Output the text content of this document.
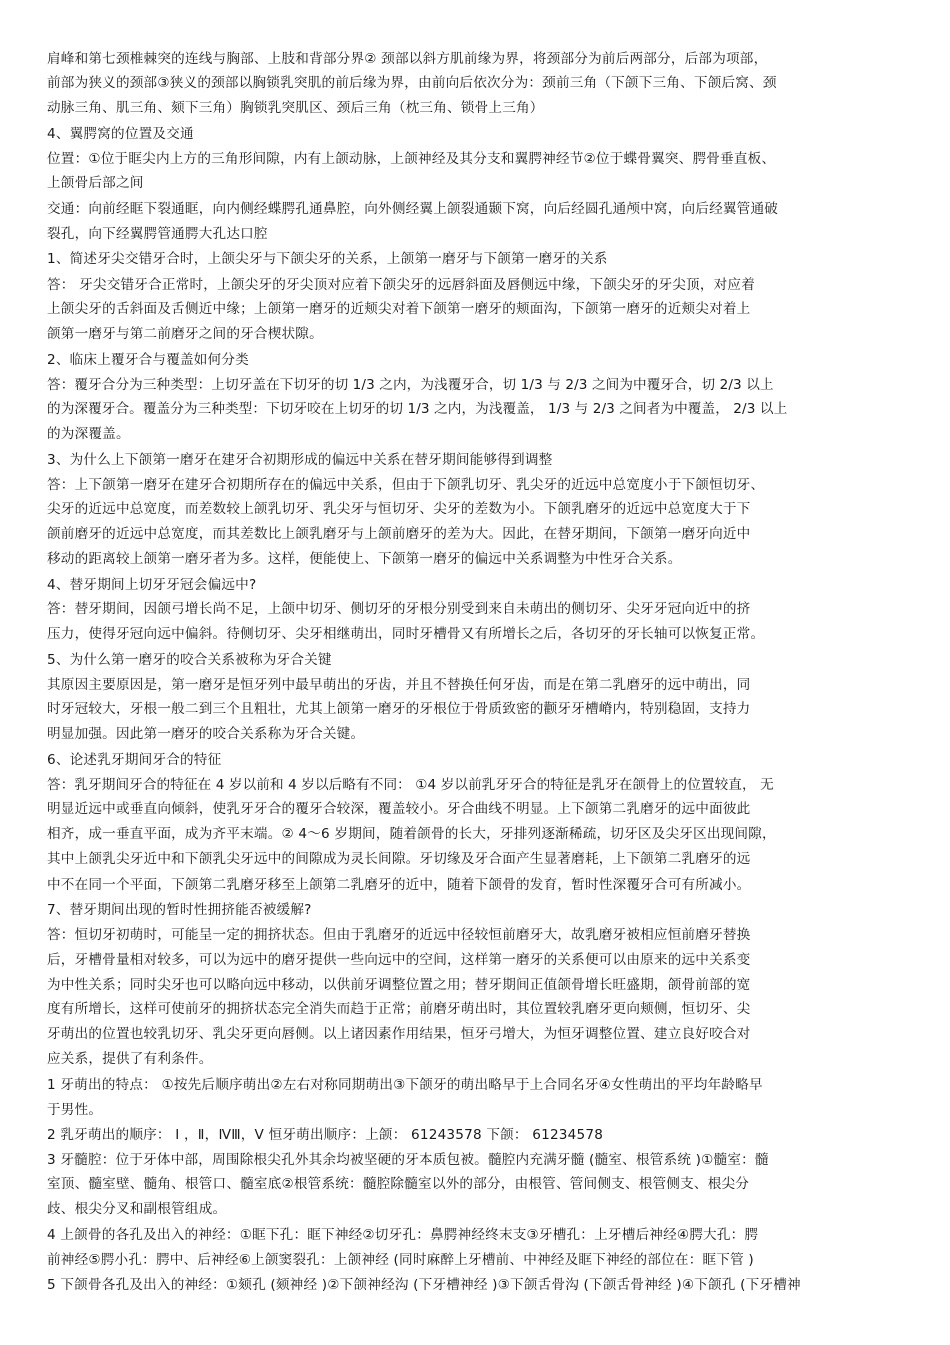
肩峰和第七颈椎棘突的连线与胸部、上肢和背部分界② 颈部以斜方肌前缘为界，将颈部分为前后两部分，后部为项部，
前部为狭义的颈部③狭义的颈部以胸锁乳突肌的前后缘为界，由前向后依次分为：颈前三角（下颌下三角、下颌后窝、颈
动脉三角、肌三角、颏下三角）胸锁乳突肌区、颈后三角（枕三角、锁骨上三角）
4、翼腭窝的位置及交通
位置：①位于眶尖内上方的三角形间隙，内有上颌动脉，上颌神经及其分支和翼腭神经节②位于蝶骨翼突、腭骨垂直板、
上颌骨后部之间
交通：向前经眶下裂通眶，向内侧经蝶腭孔通鼻腔，向外侧经翼上颌裂通颞下窝，向后经圆孔通颅中窝，向后经翼管通破
裂孔，向下经翼腭管通腭大孔达口腔
1、简述牙尖交错牙合时，上颌尖牙与下颌尖牙的关系，上颌第一磨牙与下颌第一磨牙的关系
答： 牙尖交错牙合正常时，上颌尖牙的牙尖顶对应着下颌尖牙的远唇斜面及唇侧远中缘，下颌尖牙的牙尖顶，对应着
上颌尖牙的舌斜面及舌侧近中缘；上颌第一磨牙的近颊尖对着下颌第一磨牙的颊面沟，下颌第一磨牙的近颊尖对着上
颌第一磨牙与第二前磨牙之间的牙合楔状隙。
2、临床上覆牙合与覆盖如何分类
答：覆牙合分为三种类型：上切牙盖在下切牙的切 1/3 之内，为浅覆牙合，切 1/3 与 2/3 之间为中覆牙合，切 2/3 以上
的为深覆牙合。覆盖分为三种类型：下切牙咬在上切牙的切 1/3 之内，为浅覆盖， 1/3 与 2/3 之间者为中覆盖， 2/3 以上
的为深覆盖。
3、为什么上下颌第一磨牙在建牙合初期形成的偏远中关系在替牙期间能够得到调整
答：上下颌第一磨牙在建牙合初期所存在的偏远中关系，但由于下颌乳切牙、乳尖牙的近远中总宽度小于下颌恒切牙、
尖牙的近远中总宽度，而差数较上颌乳切牙、乳尖牙与恒切牙、尖牙的差数为小。下颌乳磨牙的近远中总宽度大于下
颌前磨牙的近远中总宽度，而其差数比上颌乳磨牙与上颌前磨牙的差为大。因此，在替牙期间，下颌第一磨牙向近中
移动的距离较上颌第一磨牙者为多。这样，便能使上、下颌第一磨牙的偏远中关系调整为中性牙合关系。
4、替牙期间上切牙牙冠会偏远中?
答：替牙期间，因颌弓增长尚不足，上颌中切牙、侧切牙的牙根分别受到来自未萌出的侧切牙、尖牙牙冠向近中的挤
压力，使得牙冠向远中偏斜。待侧切牙、尖牙相继萌出，同时牙槽骨又有所增长之后，各切牙的牙长轴可以恢复正常。
5、为什么第一磨牙的咬合关系被称为牙合关键
其原因主要原因是，第一磨牙是恒牙列中最早萌出的牙齿，并且不替换任何牙齿，而是在第二乳磨牙的远中萌出，同
时牙冠较大，牙根一般二到三个且粗壮，尤其上颌第一磨牙的牙根位于骨质致密的颧牙牙槽嵴内，特别稳固，支持力
明显加强。因此第一磨牙的咬合关系称为牙合关键。
6、论述乳牙期间牙合的特征
答：乳牙期间牙合的特征在 4 岁以前和 4 岁以后略有不同： ①4 岁以前乳牙牙合的特征是乳牙在颌骨上的位置较直， 无
明显近远中或垂直向倾斜，使乳牙牙合的覆牙合较深，覆盖较小。牙合曲线不明显。上下颌第二乳磨牙的远中面彼此
相齐，成一垂直平面，成为齐平末端。② 4～6 岁期间，随着颌骨的长大，牙排列逐渐稀疏，切牙区及尖牙区出现间隙，
其中上颌乳尖牙近中和下颌乳尖牙远中的间隙成为灵长间隙。牙切缘及牙合面产生显著磨耗，上下颌第二乳磨牙的远
中不在同一个平面，下颌第二乳磨牙移至上颌第二乳磨牙的近中，随着下颌骨的发育，暂时性深覆牙合可有所减小。
7、替牙期间出现的暂时性拥挤能否被缓解?
答：恒切牙初萌时，可能呈一定的拥挤状态。但由于乳磨牙的近远中径较恒前磨牙大，故乳磨牙被相应恒前磨牙替换
后，牙槽骨量相对较多，可以为远中的磨牙提供一些向远中的空间，这样第一磨牙的关系便可以由原来的远中关系变
为中性关系；同时尖牙也可以略向远中移动，以供前牙调整位置之用；替牙期间正值颌骨增长旺盛期，颌骨前部的宽
度有所增长，这样可使前牙的拥挤状态完全消失而趋于正常；前磨牙萌出时，其位置较乳磨牙更向颊侧，恒切牙、尖
牙萌出的位置也较乳切牙、乳尖牙更向唇侧。以上诸因素作用结果，恒牙弓增大，为恒牙调整位置、建立良好咬合对
应关系，提供了有利条件。
1 牙萌出的特点： ①按先后顺序萌出②左右对称同期萌出③下颌牙的萌出略早于上合同名牙④女性萌出的平均年龄略早
于男性。
2 乳牙萌出的顺序： Ⅰ ，Ⅱ，ⅣⅢ，Ⅴ 恒牙萌出顺序：上颌： 61243578 下颌： 61234578
3 牙髓腔：位于牙体中部，周围除根尖孔外其余均被坚硬的牙本质包被。髓腔内充满牙髓 (髓室、根管系统 )①髓室：髓
室顶、髓室壁、髓角、根管口、髓室底②根管系统：髓腔除髓室以外的部分，由根管、管间侧支、根管侧支、根尖分
歧、根尖分叉和副根管组成。
4 上颌骨的各孔及出入的神经：①眶下孔：眶下神经②切牙孔：鼻腭神经终末支③牙槽孔：上牙槽后神经④腭大孔：腭
前神经⑤腭小孔：腭中、后神经⑥上颌窦裂孔：上颌神经 (同时麻醉上牙槽前、中神经及眶下神经的部位在：眶下管 )
5 下颌骨各孔及出入的神经：①颏孔 (颏神经 )②下颌神经沟 (下牙槽神经 )③下颌舌骨沟 (下颌舌骨神经 )④下颌孔 (下牙槽神
